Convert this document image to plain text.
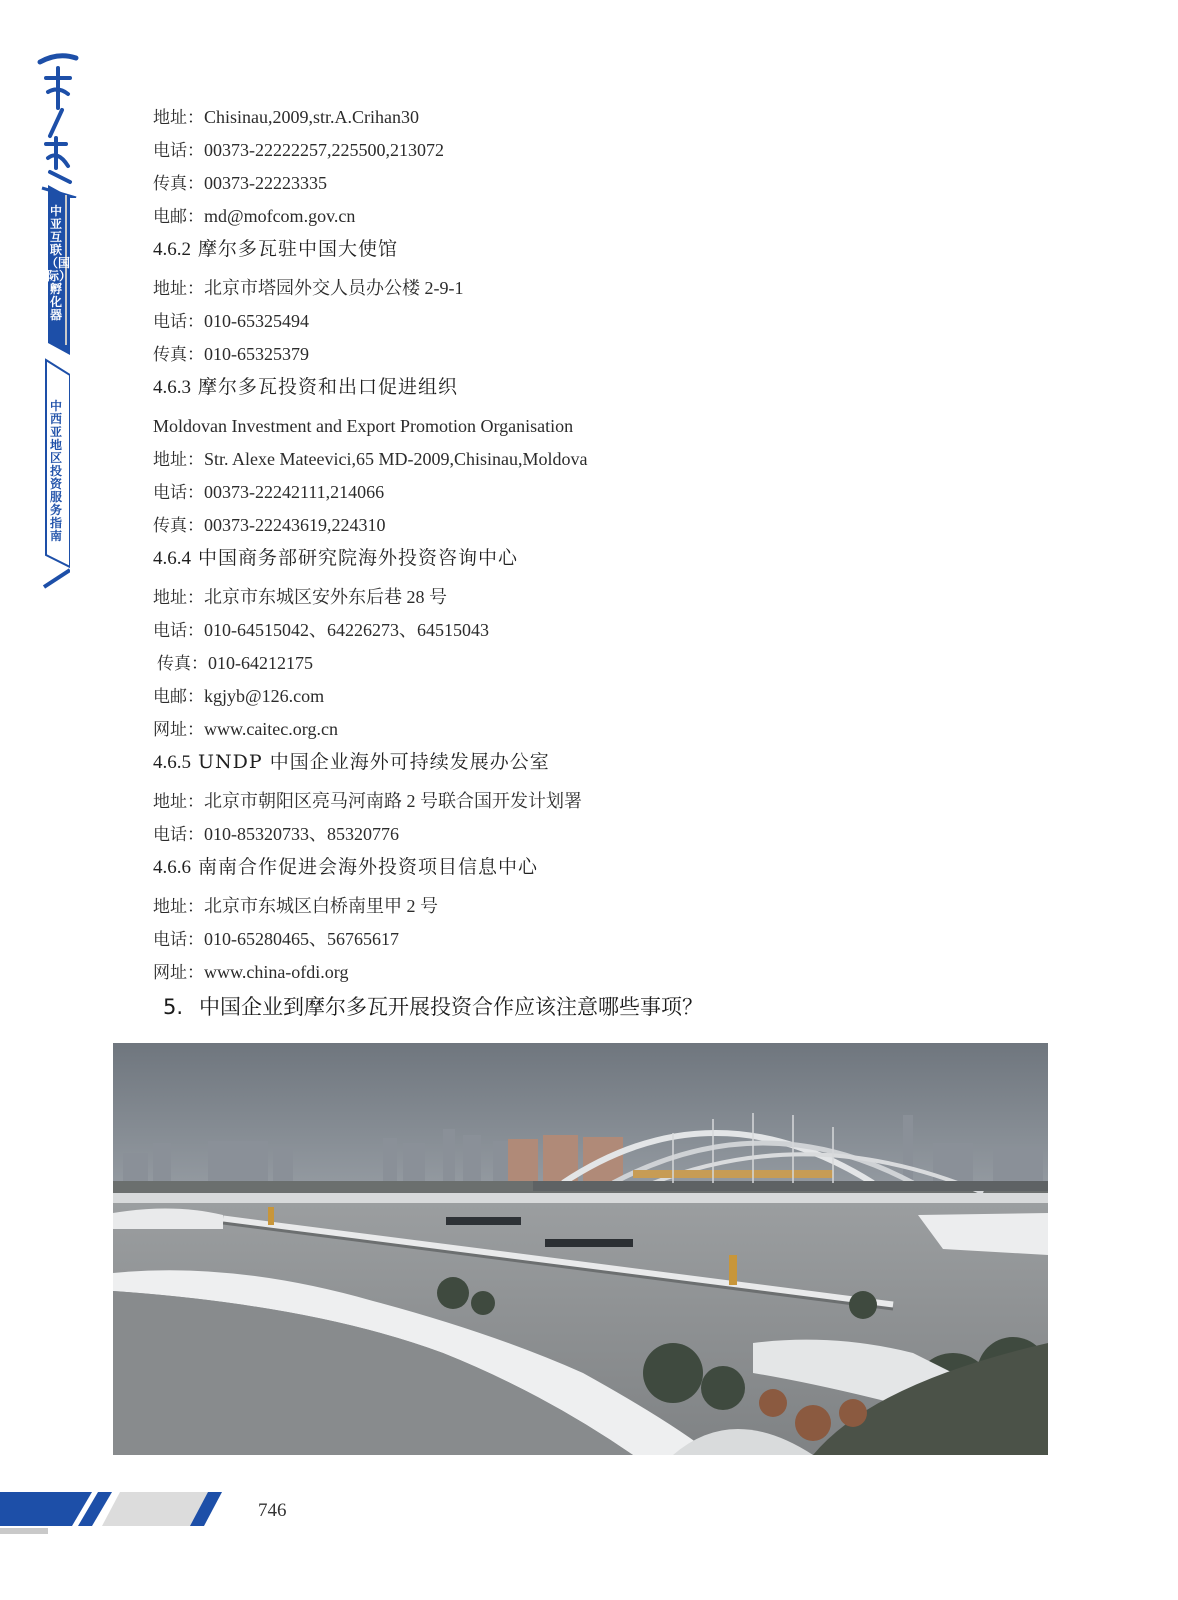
中亚互联（国际）孵化器
中西亚地区投资服务指南
地址：Chisinau,2009,str.A.Crihan30
电话：00373-22222257,225500,213072
传真：00373-22223335
电邮：md@mofcom.gov.cn
4.6.2 摩尔多瓦驻中国大使馆
地址：北京市塔园外交人员办公楼 2-9-1
电话：010-65325494
传真：010-65325379
4.6.3 摩尔多瓦投资和出口促进组织
Moldovan Investment and Export Promotion Organisation
地址：Str. Alexe Mateevici,65 MD-2009,Chisinau,Moldova
电话：00373-22242111,214066
传真：00373-22243619,224310
4.6.4 中国商务部研究院海外投资咨询中心
地址：北京市东城区安外东后巷 28 号
电话：010-64515042、64226273、64515043
传真：010-64212175
电邮：kgjyb@126.com
网址：www.caitec.org.cn
4.6.5 UNDP 中国企业海外可持续发展办公室
地址：北京市朝阳区亮马河南路 2 号联合国开发计划署
电话：010-85320733、85320776
4.6.6 南南合作促进会海外投资项目信息中心
地址：北京市东城区白桥南里甲 2 号
电话：010-65280465、56765617
网址：www.china-ofdi.org
5. 中国企业到摩尔多瓦开展投资合作应该注意哪些事项？
746
